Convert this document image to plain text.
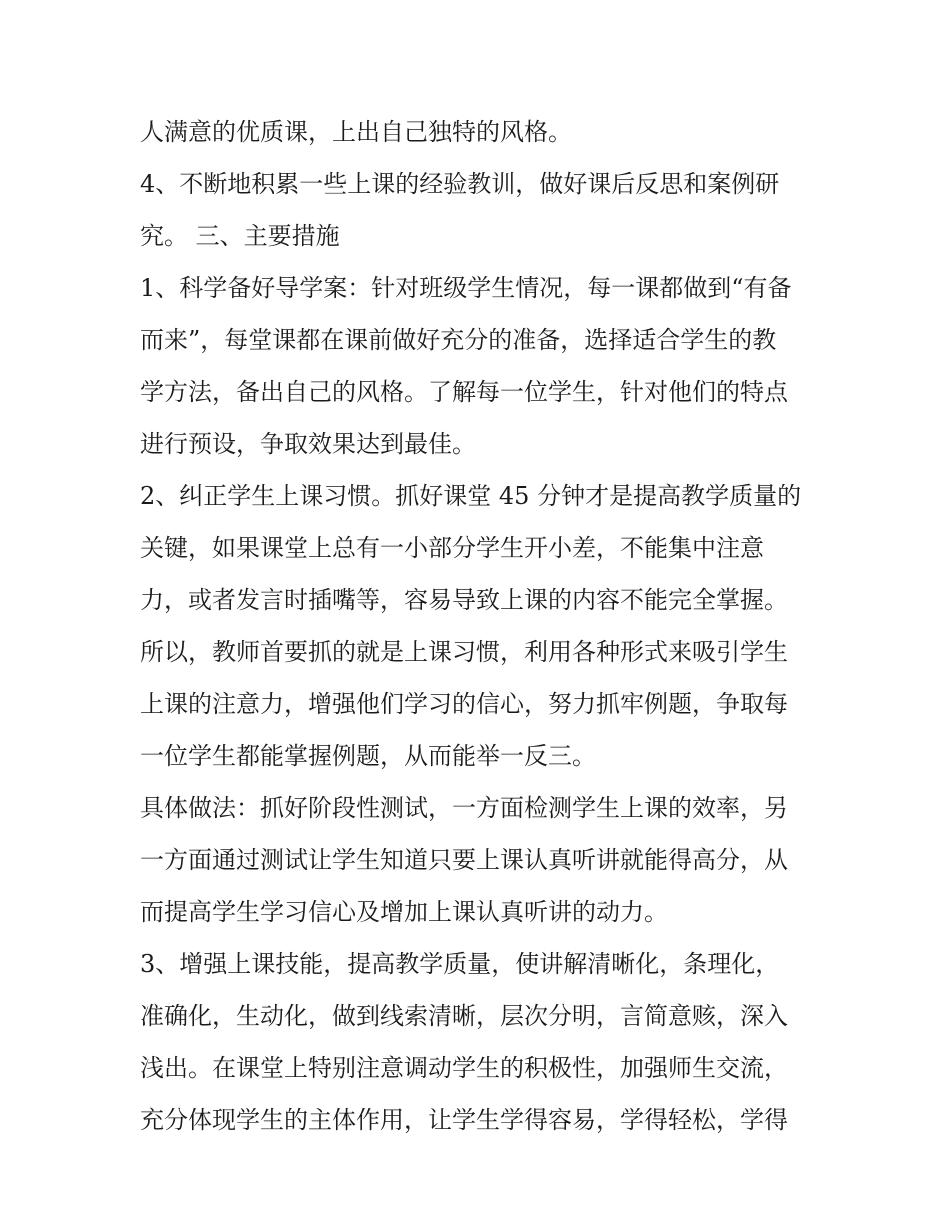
人满意的优质课，上出自己独特的风格。
4、不断地积累一些上课的经验教训，做好课后反思和案例研
究。 三、主要措施
1、科学备好导学案：针对班级学生情况，每一课都做到“有备
而来”，每堂课都在课前做好充分的准备，选择适合学生的教
学方法，备出自己的风格。了解每一位学生，针对他们的特点
进行预设，争取效果达到最佳。
2、纠正学生上课习惯。抓好课堂 45 分钟才是提高教学质量的
关键，如果课堂上总有一小部分学生开小差，不能集中注意
力，或者发言时插嘴等，容易导致上课的内容不能完全掌握。
所以，教师首要抓的就是上课习惯，利用各种形式来吸引学生
上课的注意力，增强他们学习的信心，努力抓牢例题，争取每
一位学生都能掌握例题，从而能举一反三。
具体做法：抓好阶段性测试，一方面检测学生上课的效率，另
一方面通过测试让学生知道只要上课认真听讲就能得高分，从
而提高学生学习信心及增加上课认真听讲的动力。
3、增强上课技能，提高教学质量，使讲解清晰化，条理化，
准确化，生动化，做到线索清晰，层次分明，言简意赅，深入
浅出。在课堂上特别注意调动学生的积极性，加强师生交流，
充分体现学生的主体作用，让学生学得容易，学得轻松，学得
